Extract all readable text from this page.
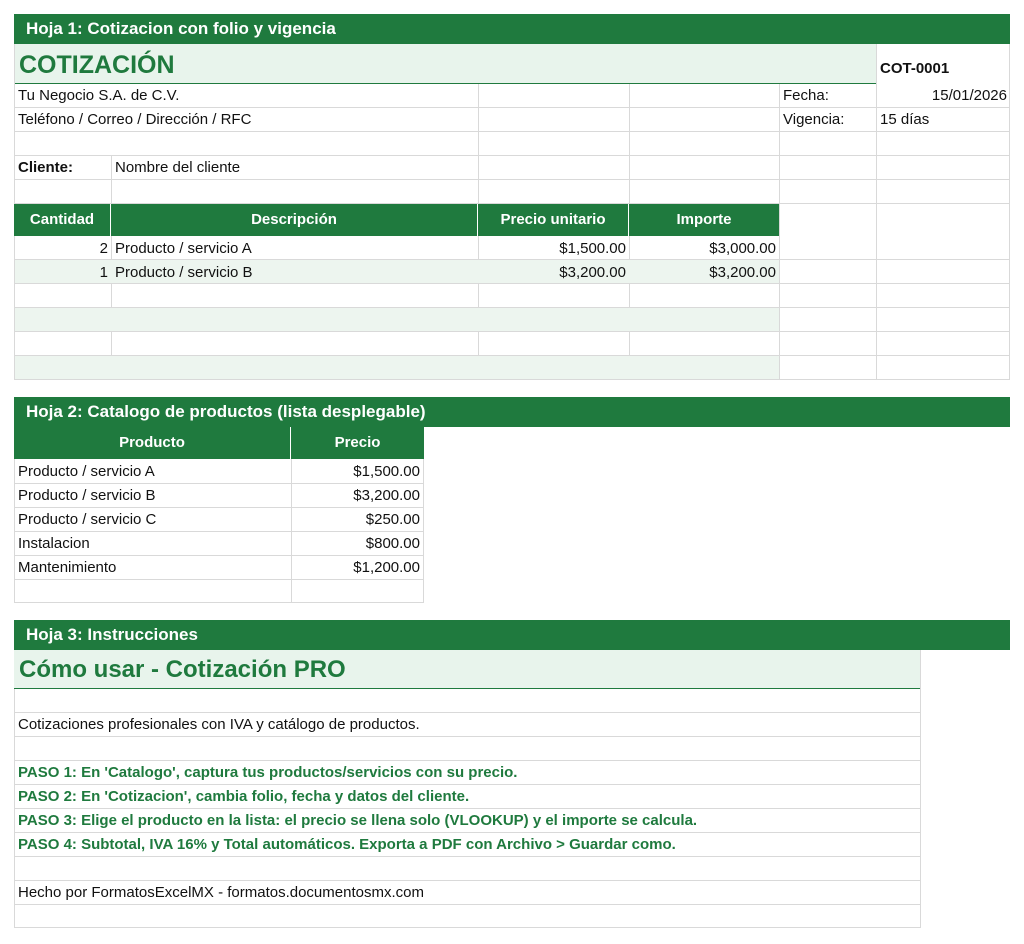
Hoja 1: Cotizacion con folio y vigencia
COTIZACIÓN	COT-0001
Tu Negocio S.A. de C.V.
Teléfono / Correo / Dirección / RFC
Fecha:	15/01/2026
Vigencia: 15 días
Cliente:	Nombre del cliente
Cantidad	Descripción	Precio unitario	Importe
2 Producto / servicio A	$1,500.00	$3,000.00
1 Producto / servicio B	$3,200.00	$3,200.00
Hoja 2: Catalogo de productos (lista desplegable)
Producto	Precio
Producto / servicio A	$1,500.00
Producto / servicio B	$3,200.00
Producto / servicio C	$250.00
Instalacion	$800.00
Mantenimiento	$1,200.00
Hoja 3: Instrucciones
Cómo usar - Cotización PRO
Cotizaciones profesionales con IVA y catálogo de productos.
PASO 1: En 'Catalogo', captura tus productos/servicios con su precio.
PASO 2: En 'Cotizacion', cambia folio, fecha y datos del cliente.
PASO 3: Elige el producto en la lista: el precio se llena solo (VLOOKUP) y el importe se calcula.
PASO 4: Subtotal, IVA 16% y Total automáticos. Exporta a PDF con Archivo > Guardar como.
Hecho por FormatosExcelMX - formatos.documentosmx.com
